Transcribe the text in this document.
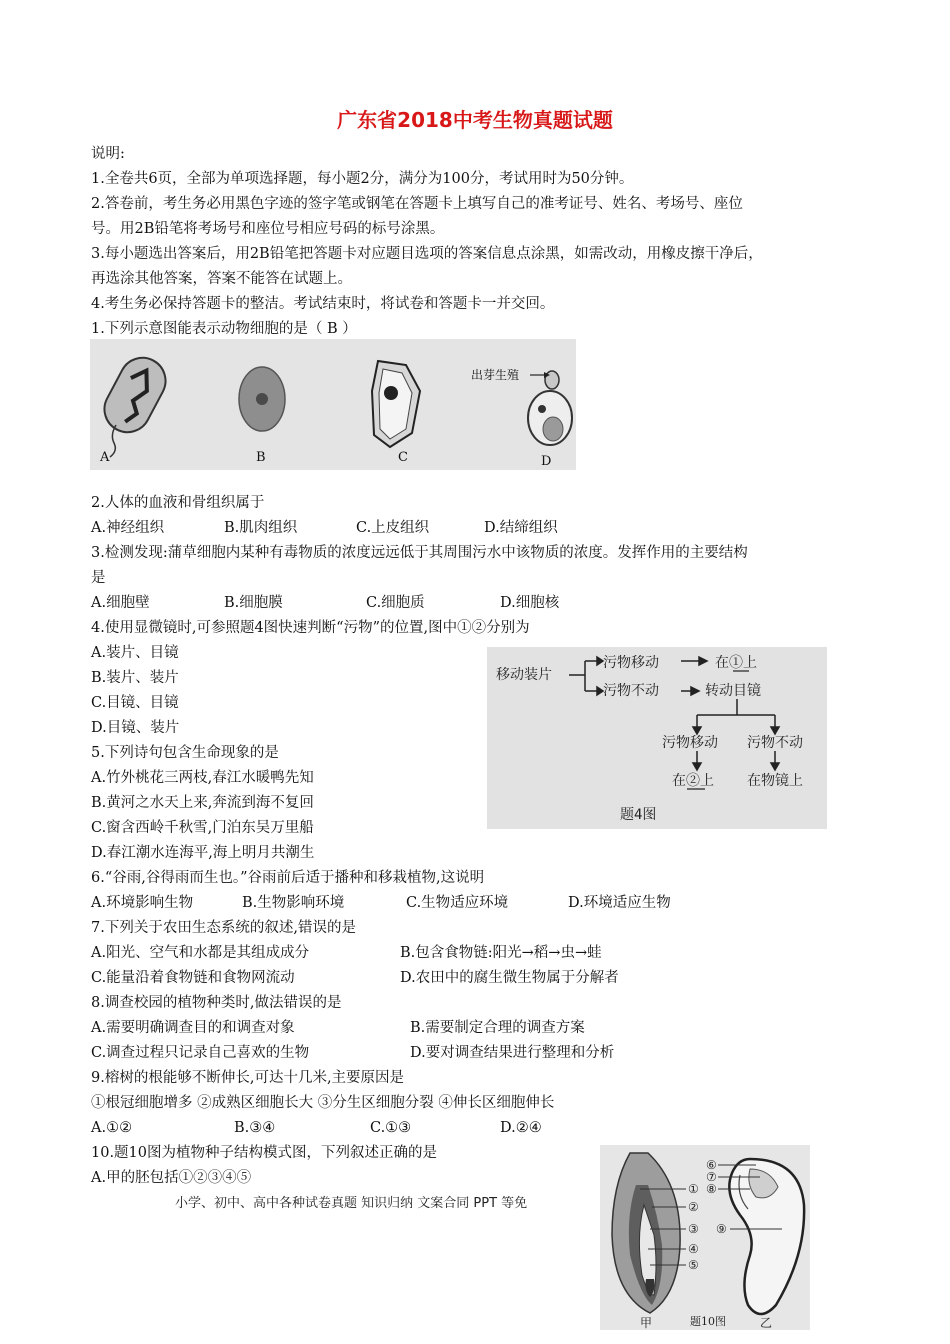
广东省2018中考生物真题试题
说明:
1.全卷共6页，全部为单项选择题，每小题2分，满分为100分，考试用时为50分钟。
2.答卷前，考生务必用黑色字迹的签字笔或钢笔在答题卡上填写自己的准考证号、姓名、考场号、座位
号。用2B铅笔将考场号和座位号相应号码的标号涂黑。
3.每小题选出答案后，用2B铅笔把答题卡对应题目选项的答案信息点涂黑，如需改动，用橡皮擦干净后，
再选涂其他答案，答案不能答在试题上。
4.考生务必保持答题卡的整洁。考试结束时，将试卷和答题卡一并交回。
1.下列示意图能表示动物细胞的是（ B ）
出芽生殖
A	B	C	D
2.人体的血液和骨组织属于
A.神经组织	B.肌肉组织	C.上皮组织	D.结缔组织
3.检测发现:蒲草细胞内某种有毒物质的浓度远远低于其周围污水中该物质的浓度。发挥作用的主要结构
是
A.细胞壁	B.细胞膜	C.细胞质	D.细胞核
4.使用显微镜时,可参照题4图快速判断“污物”的位置,图中①②分别为
A.装片、目镜
B.装片、装片
C.目镜、目镜
D.目镜、装片
移动装片
污物移动	在①上
污物不动	转动目镜
污物移动 污物不动
在②上 在物镜上
题4图
5.下列诗句包含生命现象的是
A.竹外桃花三两枝,春江水暖鸭先知
B.黄河之水天上来,奔流到海不复回
C.窗含西岭千秋雪,门泊东吴万里船
D.春江潮水连海平,海上明月共潮生
6.“谷雨,谷得雨而生也。”谷雨前后适于播种和移栽植物,这说明
A.环境影响生物	B.生物影响环境	C.生物适应环境	D.环境适应生物
7.下列关于农田生态系统的叙述,错误的是
A.阳光、空气和水都是其组成成分	B.包含食物链:阳光→稻→虫→蛙
C.能量沿着食物链和食物网流动	D.农田中的腐生微生物属于分解者
8.调查校园的植物种类时,做法错误的是
A.需要明确调查目的和调查对象	B.需要制定合理的调查方案
C.调查过程只记录自己喜欢的生物	D.要对调查结果进行整理和分析
9.榕树的根能够不断伸长,可达十几米,主要原因是
①根冠细胞增多 ②成熟区细胞长大 ③分生区细胞分裂 ④伸长区细胞伸长
A.①②	B.③④	C.①③	D.②④
10.题10图为植物种子结构模式图，下列叙述正确的是
A.甲的胚包括①②③④⑤
小学、初中、高中各种试卷真题 知识归纳 文案合同 PPT 等免
①
②
③
④
⑤
⑥
⑦
⑧
⑨
甲	乙
题10图
